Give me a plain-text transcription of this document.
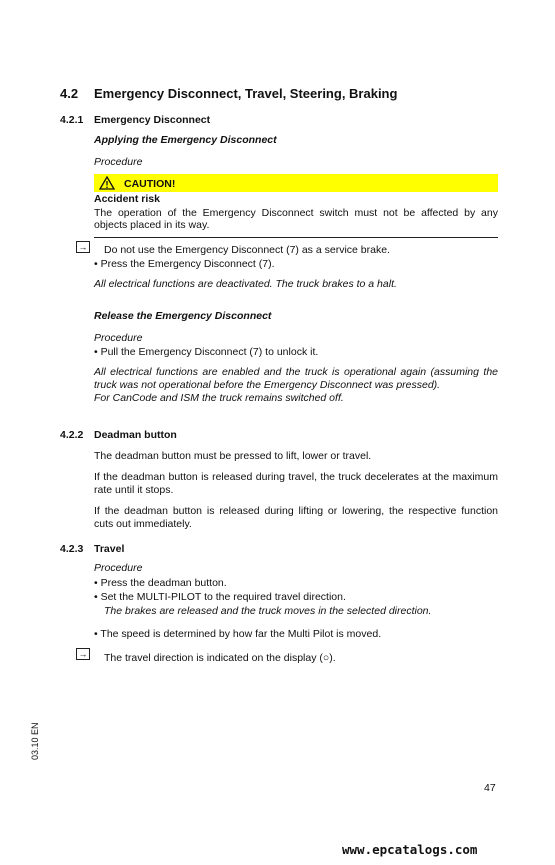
4.2 Emergency Disconnect, Travel, Steering, Braking
4.2.1 Emergency Disconnect
Applying the Emergency Disconnect
Procedure
CAUTION!
Accident risk
The operation of the Emergency Disconnect switch must not be affected by any
objects placed in its way.
→ Do not use the Emergency Disconnect (7) as a service brake.
• Press the Emergency Disconnect (7).
All electrical functions are deactivated. The truck brakes to a halt.
Release the Emergency Disconnect
Procedure
• Pull the Emergency Disconnect (7) to unlock it.
All electrical functions are enabled and the truck is operational again (assuming the
truck was not operational before the Emergency Disconnect was pressed).
For CanCode and ISM the truck remains switched off.
4.2.2 Deadman button
The deadman button must be pressed to lift, lower or travel.
If the deadman button is released during travel, the truck decelerates at the maximum
rate until it stops.
If the deadman button is released during lifting or lowering, the respective function
cuts out immediately.
4.2.3 Travel
Procedure
• Press the deadman button.
• Set the MULTI-PILOT to the required travel direction.
The brakes are released and the truck moves in the selected direction.
• The speed is determined by how far the Multi Pilot is moved.
→ The travel direction is indicated on the display (○).
03.10 EN
47
www.epcatalogs.com
